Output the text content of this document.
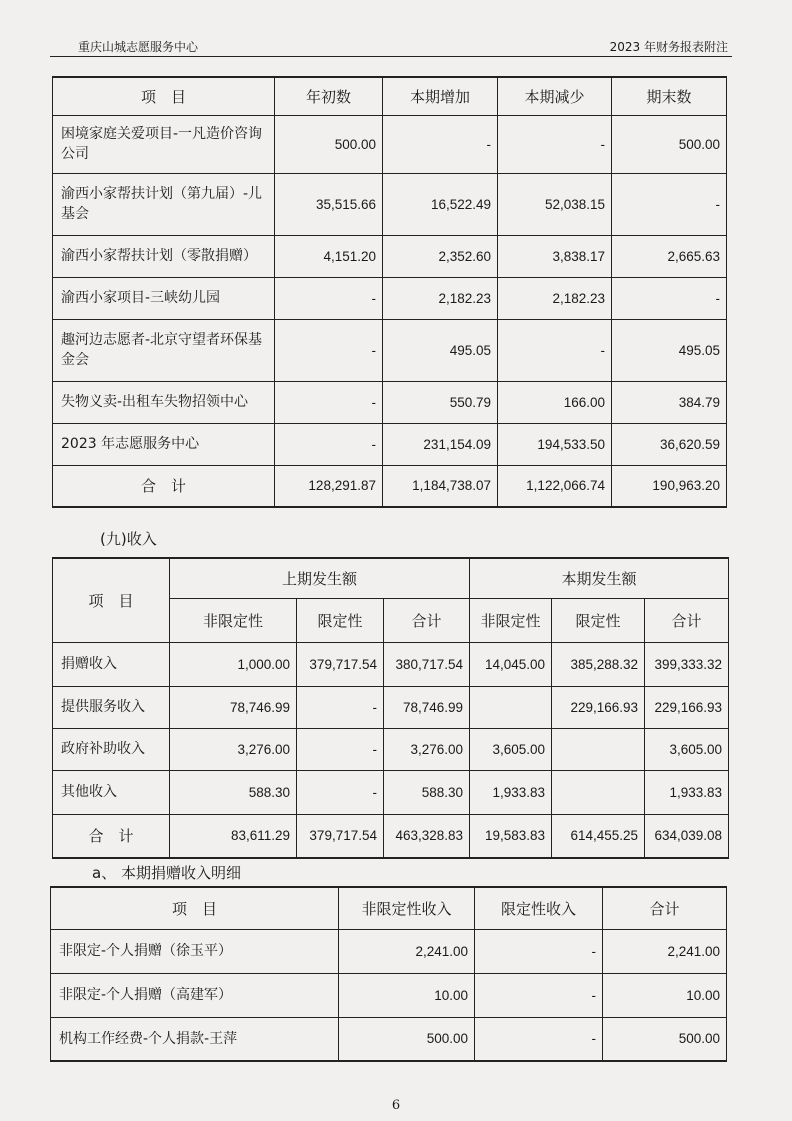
重庆山城志愿服务中心	2023 年财务报表附注
项　目	年初数	本期增加	本期减少	期末数
困境家庭关爱项目-一凡造价咨询公司	500.00	-	-	500.00
渝西小家帮扶计划（第九届）-儿基会	35,515.66	16,522.49	52,038.15	-
渝西小家帮扶计划（零散捐赠）	4,151.20	2,352.60	3,838.17	2,665.63
渝西小家项目-三峡幼儿园	-	2,182.23	2,182.23	-
趣河边志愿者-北京守望者环保基金会	-	495.05	-	495.05
失物义卖-出租车失物招领中心	-	550.79	166.00	384.79
2023 年志愿服务中心	-	231,154.09	194,533.50	36,620.59
合　计	128,291.87	1,184,738.07	1,122,066.74	190,963.20
(九)收入
项　目	上期发生额			本期发生额		
	非限定性	限定性	合计	非限定性	限定性	合计
捐赠收入	1,000.00	379,717.54	380,717.54	14,045.00	385,288.32	399,333.32
提供服务收入	78,746.99	-	78,746.99		229,166.93	229,166.93
政府补助收入	3,276.00	-	3,276.00	3,605.00		3,605.00
其他收入	588.30	-	588.30	1,933.83		1,933.83
合　计	83,611.29	379,717.54	463,328.83	19,583.83	614,455.25	634,039.08
a、 本期捐赠收入明细
项　目	非限定性收入	限定性收入	合计
非限定-个人捐赠（徐玉平）	2,241.00	-	2,241.00
非限定-个人捐赠（高建军）	10.00	-	10.00
机构工作经费-个人捐款-王萍	500.00	-	500.00
6
